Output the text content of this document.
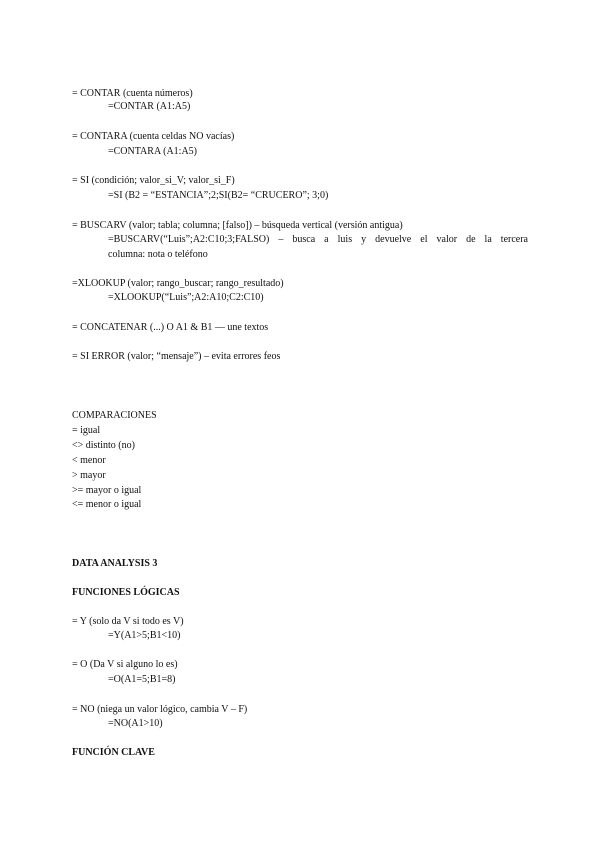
= CONTAR (cuenta números)
=CONTAR (A1:A5)
= CONTARA (cuenta celdas NO vacías)
=CONTARA (A1:A5)
= SI (condición; valor_si_V; valor_si_F)
=SI (B2 = “ESTANCIA”;2;SI(B2= “CRUCERO”; 3;0)
= BUSCARV (valor; tabla; columna; [falso]) – búsqueda vertical (versión antigua)
=BUSCARV(“Luis”;A2:C10;3;FALSO) – busca a luis y devuelve el valor de la tercera
columna: nota o teléfono
=XLOOKUP (valor; rango_buscar; rango_resultado)
=XLOOKUP(“Luis”;A2:A10;C2:C10)
= CONCATENAR (...) O A1 & B1 — une textos
= SI ERROR (valor; “mensaje”) – evita errores feos
COMPARACIONES
= igual
<> distinto (no)
< menor
> mayor
>= mayor o igual
<= menor o igual
DATA ANALYSIS 3
FUNCIONES LÓGICAS
= Y (solo da V si todo es V)
=Y(A1>5;B1<10)
= O (Da V si alguno lo es)
=O(A1=5;B1=8)
= NO (niega un valor lógico, cambia V – F)
=NO(A1>10)
FUNCIÓN CLAVE
